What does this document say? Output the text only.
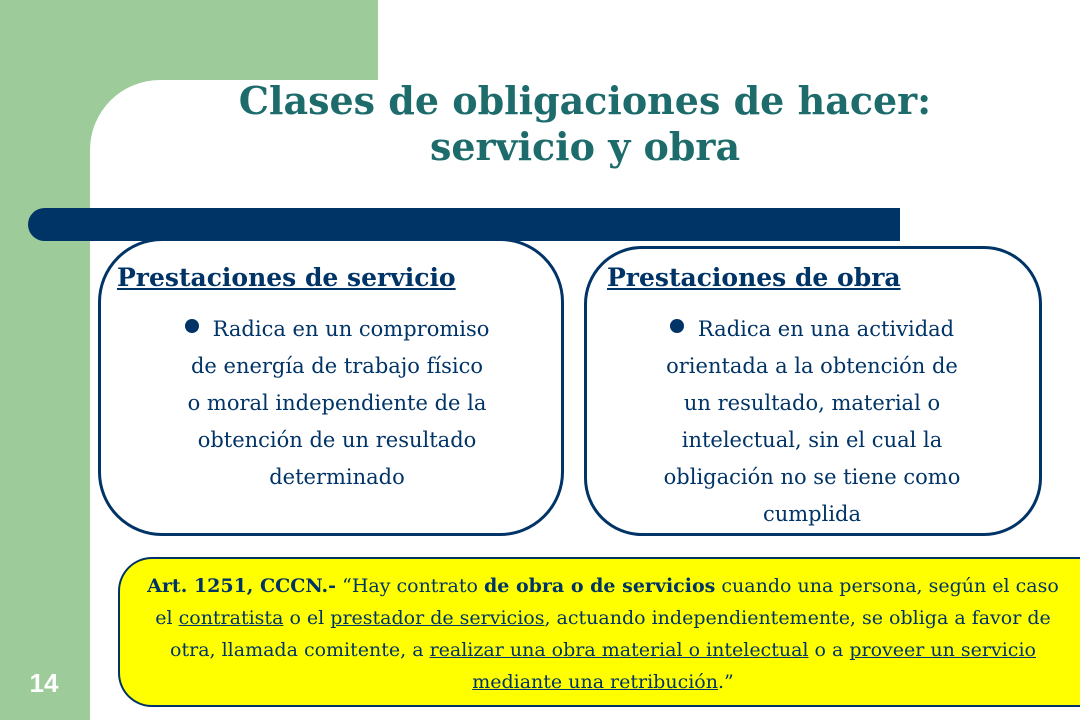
Clases de obligaciones de hacer:
servicio y obra
Prestaciones de servicio
Radica en un compromiso
de energía de trabajo físico
o moral independiente de la
obtención de un resultado
determinado
Prestaciones de obra
Radica en una actividad
orientada a la obtención de
un resultado, material o
intelectual, sin el cual la
obligación no se tiene como
cumplida
Art. 1251, CCCN.- “Hay contrato de obra o de servicios cuando una persona, según el caso el contratista o el prestador de servicios, actuando independientemente, se obliga a favor de otra, llamada comitente, a realizar una obra material o intelectual o a proveer un servicio mediante una retribución.”
14
